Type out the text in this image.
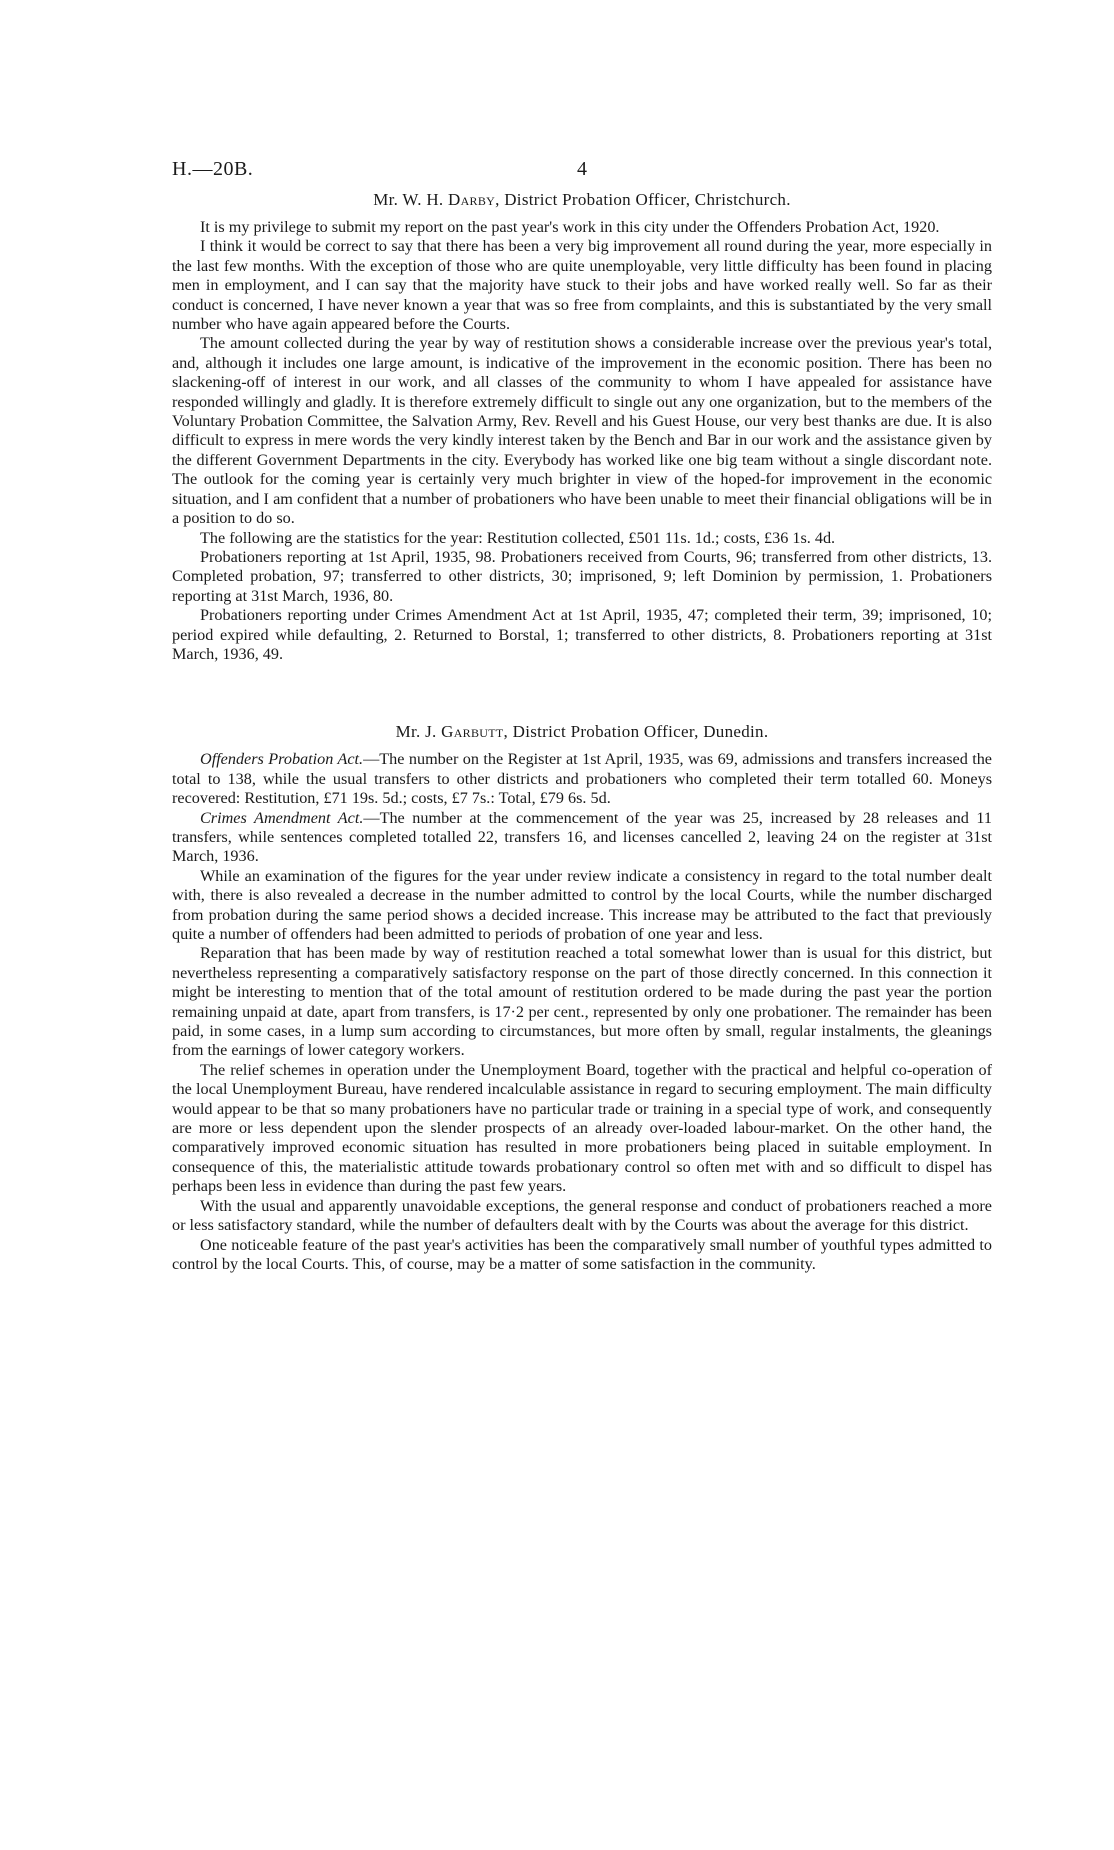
H.—20B.	4
Mr. W. H. Darby, District Probation Officer, Christchurch.

It is my privilege to submit my report on the past year's work in this city under the Offenders Probation Act, 1920.

I think it would be correct to say that there has been a very big improvement all round during the year, more especially in the last few months. With the exception of those who are quite unemployable, very little difficulty has been found in placing men in employment, and I can say that the majority have stuck to their jobs and have worked really well. So far as their conduct is concerned, I have never known a year that was so free from complaints, and this is substantiated by the very small number who have again appeared before the Courts.

The amount collected during the year by way of restitution shows a considerable increase over the previous year's total, and, although it includes one large amount, is indicative of the improvement in the economic position. There has been no slackening-off of interest in our work, and all classes of the community to whom I have appealed for assistance have responded willingly and gladly. It is therefore extremely difficult to single out any one organization, but to the members of the Voluntary Probation Committee, the Salvation Army, Rev. Revell and his Guest House, our very best thanks are due. It is also difficult to express in mere words the very kindly interest taken by the Bench and Bar in our work and the assistance given by the different Government Departments in the city. Everybody has worked like one big team without a single discordant note. The outlook for the coming year is certainly very much brighter in view of the hoped-for improvement in the economic situation, and I am confident that a number of probationers who have been unable to meet their financial obligations will be in a position to do so.

The following are the statistics for the year: Restitution collected, £501 11s. 1d.; costs, £36 1s. 4d.

Probationers reporting at 1st April, 1935, 98. Probationers received from Courts, 96; transferred from other districts, 13. Completed probation, 97; transferred to other districts, 30; imprisoned, 9; left Dominion by permission, 1. Probationers reporting at 31st March, 1936, 80.

Probationers reporting under Crimes Amendment Act at 1st April, 1935, 47; completed their term, 39; imprisoned, 10; period expired while defaulting, 2. Returned to Borstal, 1; transferred to other districts, 8. Probationers reporting at 31st March, 1936, 49.

Mr. J. Garbutt, District Probation Officer, Dunedin.

Offenders Probation Act.—The number on the Register at 1st April, 1935, was 69, admissions and transfers increased the total to 138, while the usual transfers to other districts and probationers who completed their term totalled 60. Moneys recovered: Restitution, £71 19s. 5d.; costs, £7 7s.: Total, £79 6s. 5d.

Crimes Amendment Act.—The number at the commencement of the year was 25, increased by 28 releases and 11 transfers, while sentences completed totalled 22, transfers 16, and licenses cancelled 2, leaving 24 on the register at 31st March, 1936.

While an examination of the figures for the year under review indicate a consistency in regard to the total number dealt with, there is also revealed a decrease in the number admitted to control by the local Courts, while the number discharged from probation during the same period shows a decided increase. This increase may be attributed to the fact that previously quite a number of offenders had been admitted to periods of probation of one year and less.

Reparation that has been made by way of restitution reached a total somewhat lower than is usual for this district, but nevertheless representing a comparatively satisfactory response on the part of those directly concerned. In this connection it might be interesting to mention that of the total amount of restitution ordered to be made during the past year the portion remaining unpaid at date, apart from transfers, is 17·2 per cent., represented by only one probationer. The remainder has been paid, in some cases, in a lump sum according to circumstances, but more often by small, regular instalments, the gleanings from the earnings of lower category workers.

The relief schemes in operation under the Unemployment Board, together with the practical and helpful co-operation of the local Unemployment Bureau, have rendered incalculable assistance in regard to securing employment. The main difficulty would appear to be that so many probationers have no particular trade or training in a special type of work, and consequently are more or less dependent upon the slender prospects of an already over-loaded labour-market. On the other hand, the comparatively improved economic situation has resulted in more probationers being placed in suitable employment. In consequence of this, the materialistic attitude towards probationary control so often met with and so difficult to dispel has perhaps been less in evidence than during the past few years.

With the usual and apparently unavoidable exceptions, the general response and conduct of probationers reached a more or less satisfactory standard, while the number of defaulters dealt with by the Courts was about the average for this district.

One noticeable feature of the past year's activities has been the comparatively small number of youthful types admitted to control by the local Courts. This, of course, may be a matter of some satisfaction in the community.
